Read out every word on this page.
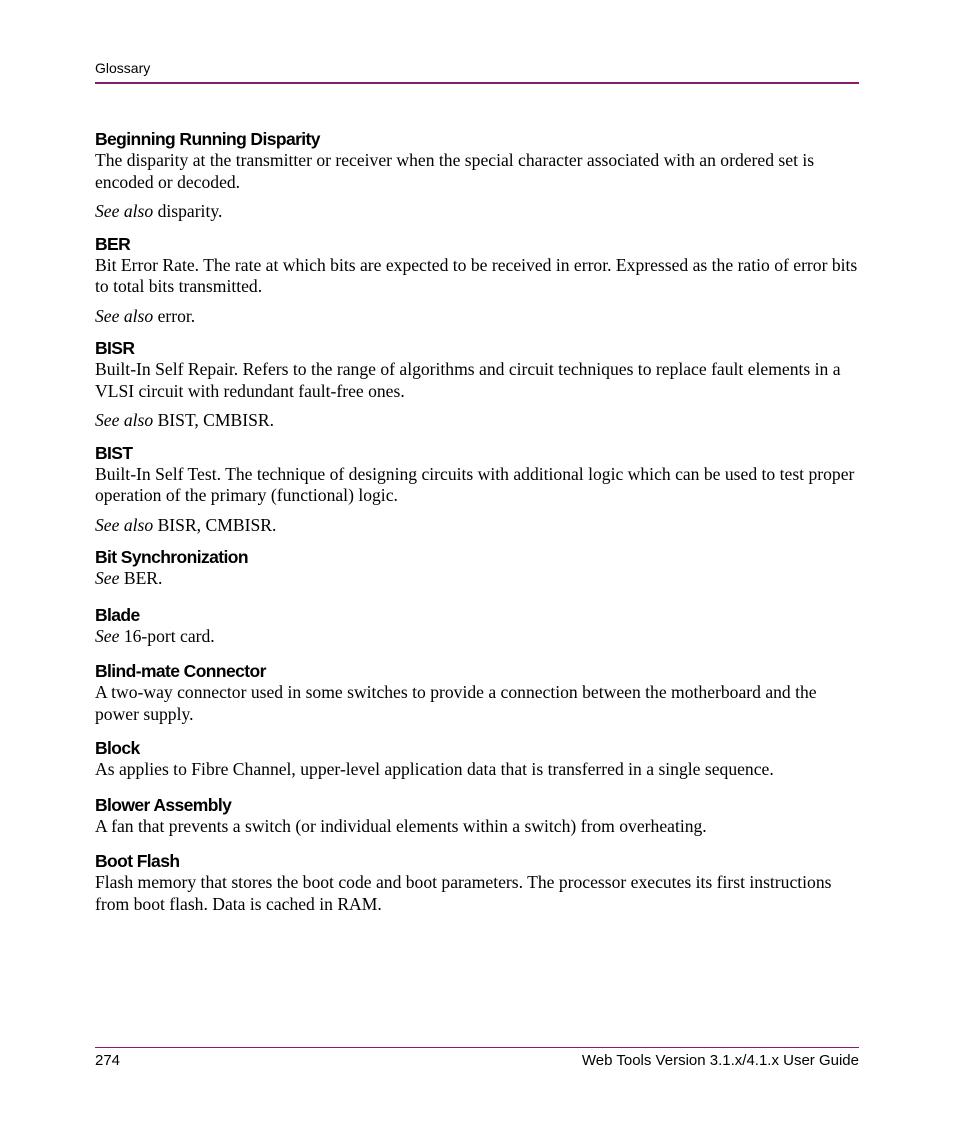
Glossary

Beginning Running Disparity

The disparity at the transmitter or receiver when the special character associated with an ordered set is encoded or decoded.

See also disparity.

BER

Bit Error Rate. The rate at which bits are expected to be received in error. Expressed as the ratio of error bits to total bits transmitted.

See also error.

BISR

Built-In Self Repair. Refers to the range of algorithms and circuit techniques to replace fault elements in a VLSI circuit with redundant fault-free ones.

See also BIST, CMBISR.

BIST

Built-In Self Test. The technique of designing circuits with additional logic which can be used to test proper operation of the primary (functional) logic.

See also BISR, CMBISR.

Bit Synchronization

See BER.

Blade

See 16-port card.

Blind-mate Connector

A two-way connector used in some switches to provide a connection between the motherboard and the power supply.

Block

As applies to Fibre Channel, upper-level application data that is transferred in a single sequence.

Blower Assembly

A fan that prevents a switch (or individual elements within a switch) from overheating.

Boot Flash

Flash memory that stores the boot code and boot parameters. The processor executes its first instructions from boot flash. Data is cached in RAM.

274	Web Tools Version 3.1.x/4.1.x User Guide
